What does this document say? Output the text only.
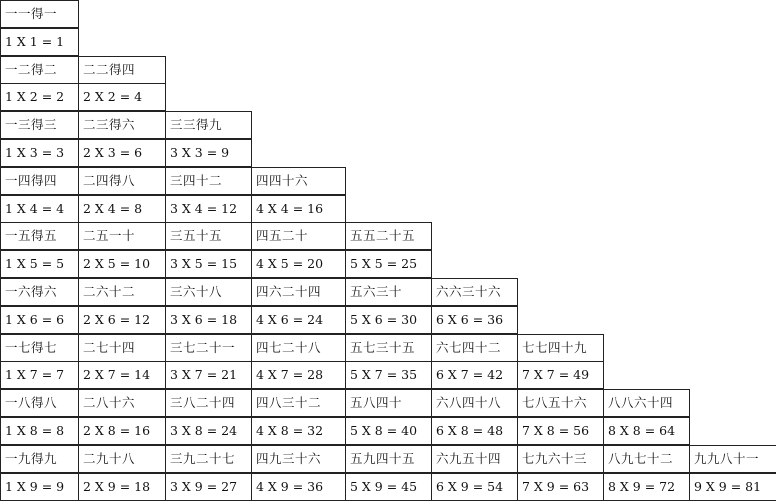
一一得一
1 X 1 = 1
一二得二
1 X 2 = 2
二二得四
2 X 2 = 4
一三得三
1 X 3 = 3
二三得六
2 X 3 = 6
三三得九
3 X 3 = 9
一四得四
1 X 4 = 4
二四得八
2 X 4 = 8
三四十二
3 X 4 = 12
四四十六
4 X 4 = 16
一五得五
1 X 5 = 5
二五一十
2 X 5 = 10
三五十五
3 X 5 = 15
四五二十
4 X 5 = 20
五五二十五
5 X 5 = 25
一六得六
1 X 6 = 6
二六十二
2 X 6 = 12
三六十八
3 X 6 = 18
四六二十四
4 X 6 = 24
五六三十
5 X 6 = 30
六六三十六
6 X 6 = 36
一七得七
1 X 7 = 7
二七十四
2 X 7 = 14
三七二十一
3 X 7 = 21
四七二十八
4 X 7 = 28
五七三十五
5 X 7 = 35
六七四十二
6 X 7 = 42
七七四十九
7 X 7 = 49
一八得八
1 X 8 = 8
二八十六
2 X 8 = 16
三八二十四
3 X 8 = 24
四八三十二
4 X 8 = 32
五八四十
5 X 8 = 40
六八四十八
6 X 8 = 48
七八五十六
7 X 8 = 56
八八六十四
8 X 8 = 64
一九得九
1 X 9 = 9
二九十八
2 X 9 = 18
三九二十七
3 X 9 = 27
四九三十六
4 X 9 = 36
五九四十五
5 X 9 = 45
六九五十四
6 X 9 = 54
七九六十三
7 X 9 = 63
八九七十二
8 X 9 = 72
九九八十一
9 X 9 = 81
